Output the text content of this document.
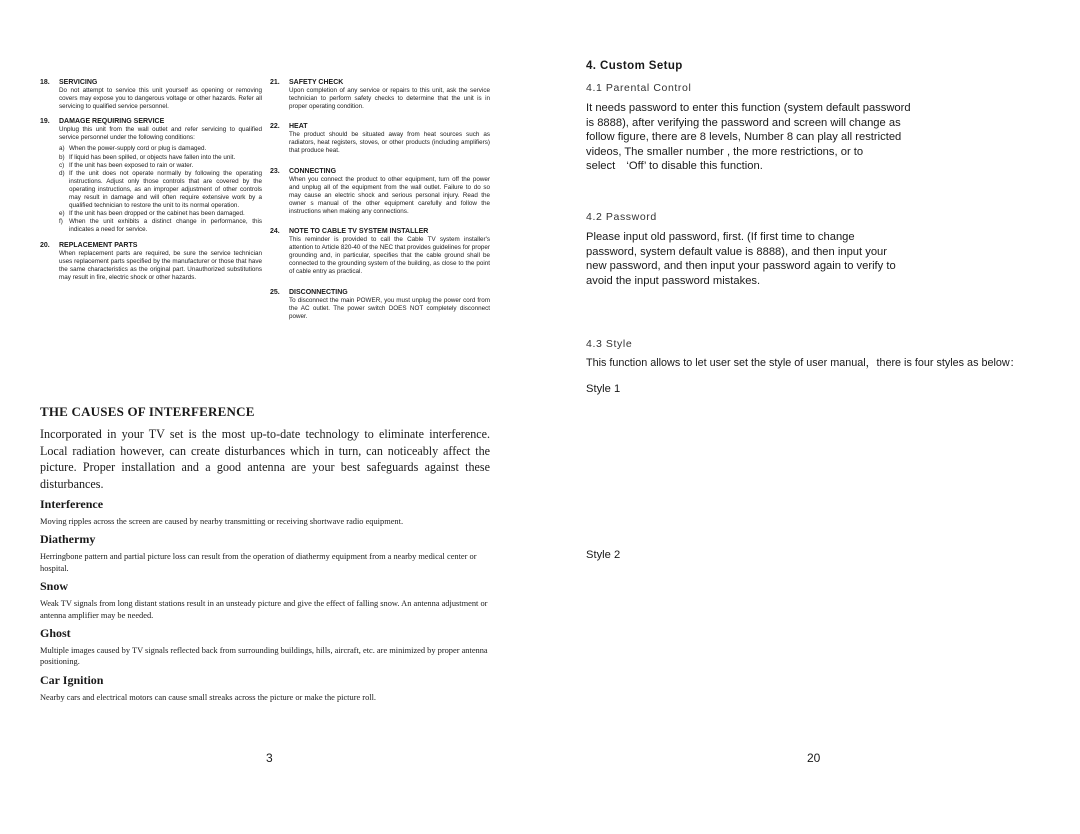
18.	SERVICING
Do not attempt to service this unit yourself as opening or removing covers may expose you to dangerous voltage or other hazards. Refer all servicing to qualified service personnel.
19.	DAMAGE REQUIRING SERVICE
Unplug this unit from the wall outlet and refer servicing to qualified service personnel under the following conditions:
a) When the power-supply cord or plug is damaged.
b) If liquid has been spilled, or objects have fallen into the unit.
c) If the unit has been exposed to rain or water.
d) If the unit does not operate normally by following the operating instructions. Adjust only those controls that are covered by the operating instructions, as an improper adjustment of other controls may result in damage and will often require extensive work by a qualified technician to restore the unit to its normal operation.
e) If the unit has been dropped or the cabinet has been damaged.
f) When the unit exhibits a distinct change in performance, this indicates a need for service.
20.	REPLACEMENT PARTS
When replacement parts are required, be sure the service technician uses replacement parts specified by the manufacturer or those that have the same characteristics as the original part. Unauthorized substitutions may result in fire, electric shock or other hazards.
21.	SAFETY CHECK
Upon completion of any service or repairs to this unit, ask the service technician to perform safety checks to determine that the unit is in proper operating condition.
22.	HEAT
The product should be situated away from heat sources such as radiators, heat registers, stoves, or other products (including amplifiers) that produce heat.
23.	CONNECTING
When you connect the product to other equipment, turn off the power and unplug all of the equipment from the wall outlet. Failure to do so may cause an electric shock and serious personal injury. Read the owner s manual of the other equipment carefully and follow the instructions when making any connections.
24.	NOTE TO CABLE TV SYSTEM INSTALLER
This reminder is provided to call the Cable TV system installer's attention to Article 820-40 of the NEC that provides guidelines for proper grounding and, in particular, specifies that the cable ground shall be connected to the grounding system of the building, as close to the point of cable entry as practical.
25.	DISCONNECTING
To disconnect the main POWER, you must unplug the power cord from the AC outlet. The power switch DOES NOT completely disconnect power.
THE CAUSES OF INTERFERENCE
Incorporated in your TV set is the most up-to-date technology to eliminate interference. Local radiation however, can create disturbances which in turn, can noticeably affect the picture. Proper installation and a good antenna are your best safeguards against these disturbances.
Interference
Moving ripples across the screen are caused by nearby transmitting or receiving shortwave radio equipment.
Diathermy
Herringbone pattern and partial picture loss can result from the operation of diathermy equipment from a nearby medical center or hospital.
Snow
Weak TV signals from long distant stations result in an unsteady picture and give the effect of falling snow. An antenna adjustment or antenna amplifier may be needed.
Ghost
Multiple images caused by TV signals reflected back from surrounding buildings, hills, aircraft, etc. are minimized by proper antenna positioning.
Car Ignition
Nearby cars and electrical motors can cause small streaks across the picture or make the picture roll.
3
4. Custom Setup
4.1 Parental Control
It needs password to enter this function (system default password is 8888), after verifying the password and screen will change as follow figure, there are 8 levels, Number 8 can play all restricted videos, The smaller number , the more restrictions, or to select　‘Off’ to disable this function.
4.2 Password
Please input old password, first. (If first time to change password, system default value is 8888), and then input your new password, and then input your password again to verify to avoid the input password mistakes.
4.3 Style
This function allows to let user set the style of user manual，there is four styles as below：
Style 1
Style 2
20
